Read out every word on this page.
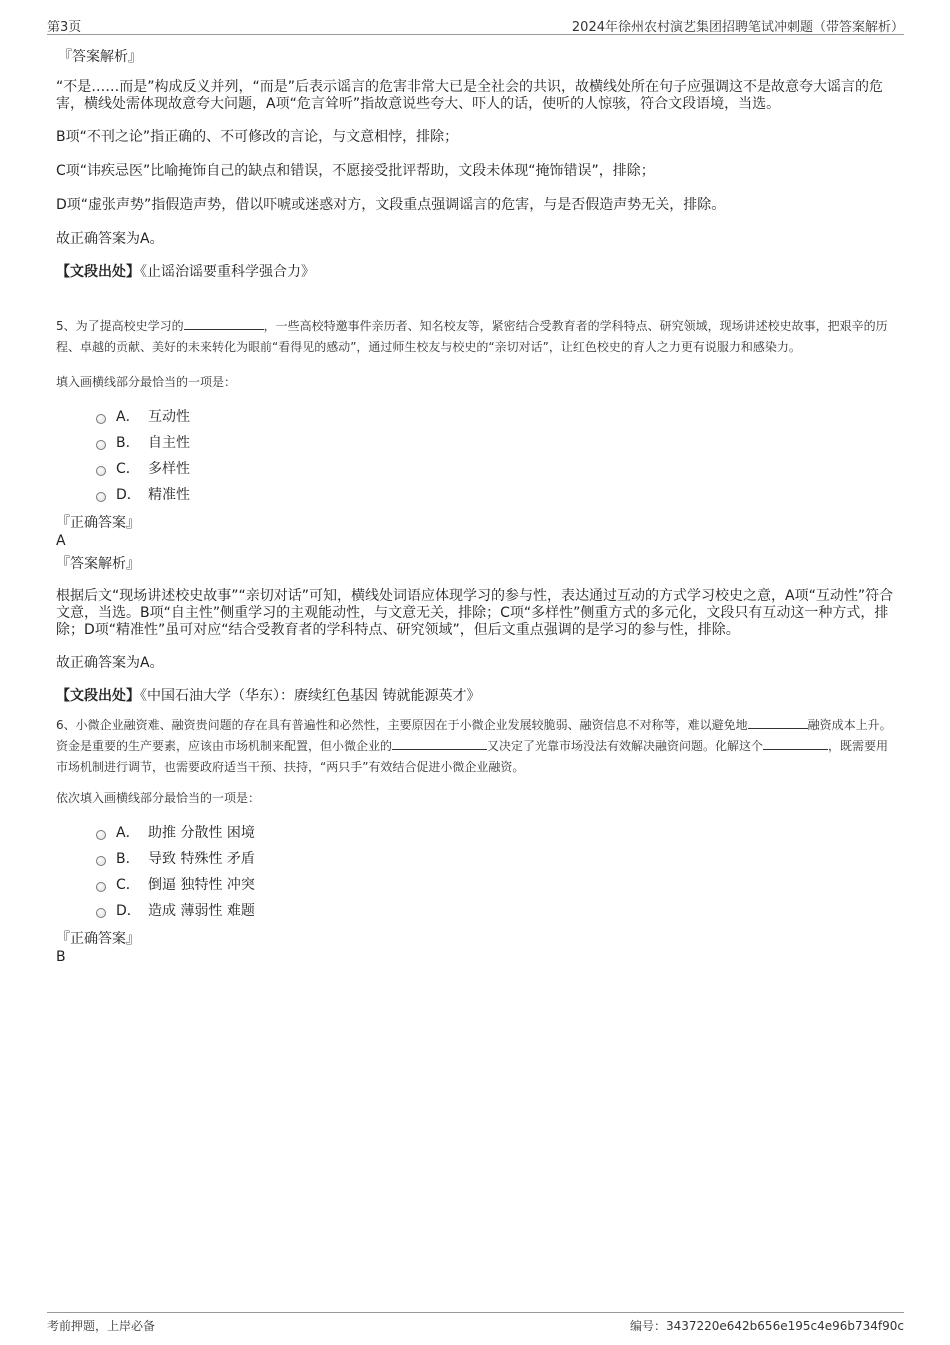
第3页	2024年徐州农村演艺集团招聘笔试冲刺题（带答案解析）

『答案解析』

“不是……而是”构成反义并列，“而是”后表示谣言的危害非常大已是全社会的共识，故横线处所在句子应强调这不是故意夸大谣言的危害，横线处需体现故意夸大问题，A项“危言耸听”指故意说些夸大、吓人的话，使听的人惊骇，符合文段语境，当选。

B项“不刊之论”指正确的、不可修改的言论，与文意相悖，排除；

C项“讳疾忌医”比喻掩饰自己的缺点和错误，不愿接受批评帮助，文段未体现“掩饰错误”，排除；

D项“虚张声势”指假造声势，借以吓唬或迷惑对方，文段重点强调谣言的危害，与是否假造声势无关，排除。

故正确答案为A。

【文段出处】《止谣治谣要重科学强合力》

5、为了提高校史学习的	，一些高校特邀事件亲历者、知名校友等，紧密结合受教育者的学科特点、研究领域，现场讲述校史故事，把艰辛的历程、卓越的贡献、美好的未来转化为眼前“看得见的感动”，通过师生校友与校史的“亲切对话”，让红色校史的育人之力更有说服力和感染力。

填入画横线部分最恰当的一项是：

A． 互动性
B． 自主性
C． 多样性
D． 精准性

『正确答案』

A

『答案解析』

根据后文“现场讲述校史故事”“亲切对话”可知，横线处词语应体现学习的参与性，表达通过互动的方式学习校史之意，A项“互动性”符合文意，当选。B项“自主性”侧重学习的主观能动性，与文意无关，排除；C项“多样性”侧重方式的多元化，文段只有互动这一种方式，排除；D项“精准性”虽可对应“结合受教育者的学科特点、研究领域”，但后文重点强调的是学习的参与性，排除。

故正确答案为A。

【文段出处】《中国石油大学（华东）：赓续红色基因 铸就能源英才》

6、小微企业融资难、融资贵问题的存在具有普遍性和必然性，主要原因在于小微企业发展较脆弱、融资信息不对称等，难以避免地	融资成本上升。资金是重要的生产要素，应该由市场机制来配置，但小微企业的	又决定了光靠市场没法有效解决融资问题。化解这个	，既需要用市场机制进行调节，也需要政府适当干预、扶持，“两只手”有效结合促进小微企业融资。

依次填入画横线部分最恰当的一项是：

A． 助推 分散性 困境
B． 导致 特殊性 矛盾
C． 倒逼 独特性 冲突
D． 造成 薄弱性 难题

『正确答案』

B

考前押题，上岸必备	编号：3437220e642b656e195c4e96b734f90c
